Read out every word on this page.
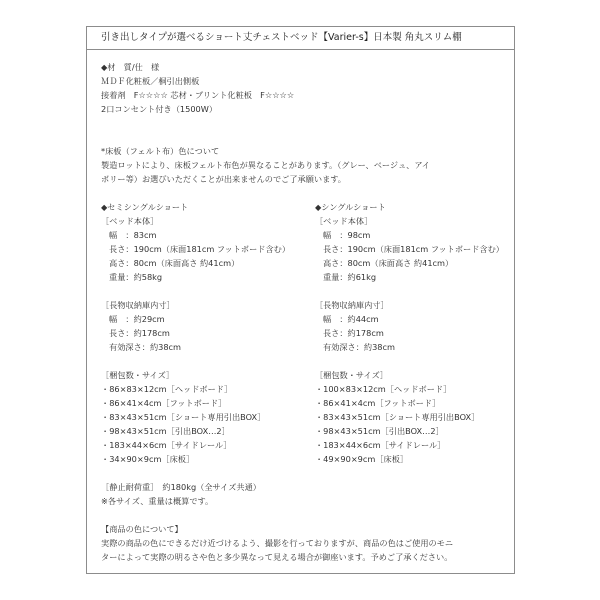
引き出しタイプが選べるショート丈チェストベッド【Varier-s】日本製 角丸スリム棚
◆材　質/仕　様
ＭＤＦ化粧板／桐引出側板
接着剤　F☆☆☆☆ 芯材・プリント化粧板　F☆☆☆☆
2口コンセント付き（1500W）
*床板（フェルト布）色について
製造ロットにより、床板フェルト布色が異なることがあります。（グレー、ベージュ、アイ
ボリー等）お選びいただくことが出来ませんのでご了承願います。
◆セミシングルショート
［ベッド本体］
幅　：83cm
長さ：190cm（床面181cm フットボード含む）
高さ：80cm（床面高さ 約41cm）
重量：約58kg
［長物収納庫内寸］
幅　：約29cm
長さ：約178cm
有効深さ：約38cm
［梱包数・サイズ］
・86×83×12cm［ヘッドボード］
・86×41×4cm［フットボード］
・83×43×51cm［ショート専用引出BOX］
・98×43×51cm［引出BOX…2］
・183×44×6cm［サイドレール］
・34×90×9cm［床板］
◆シングルショート
［ベッド本体］
幅　：98cm
長さ：190cm（床面181cm フットボード含む）
高さ：80cm（床面高さ 約41cm）
重量：約61kg
［長物収納庫内寸］
幅　：約44cm
長さ：約178cm
有効深さ：約38cm
［梱包数・サイズ］
・100×83×12cm［ヘッドボード］
・86×41×4cm［フットボード］
・83×43×51cm［ショート専用引出BOX］
・98×43×51cm［引出BOX…2］
・183×44×6cm［サイドレール］
・49×90×9cm［床板］
［静止耐荷重］　約180kg（全サイズ共通）
※各サイズ、重量は概算です。
【商品の色について】
実際の商品の色にできるだけ近づけるよう、撮影を行っておりますが、商品の色はご使用のモニ
ターによって実際の明るさや色と多少異なって見える場合が御座います。予めご了承ください。
